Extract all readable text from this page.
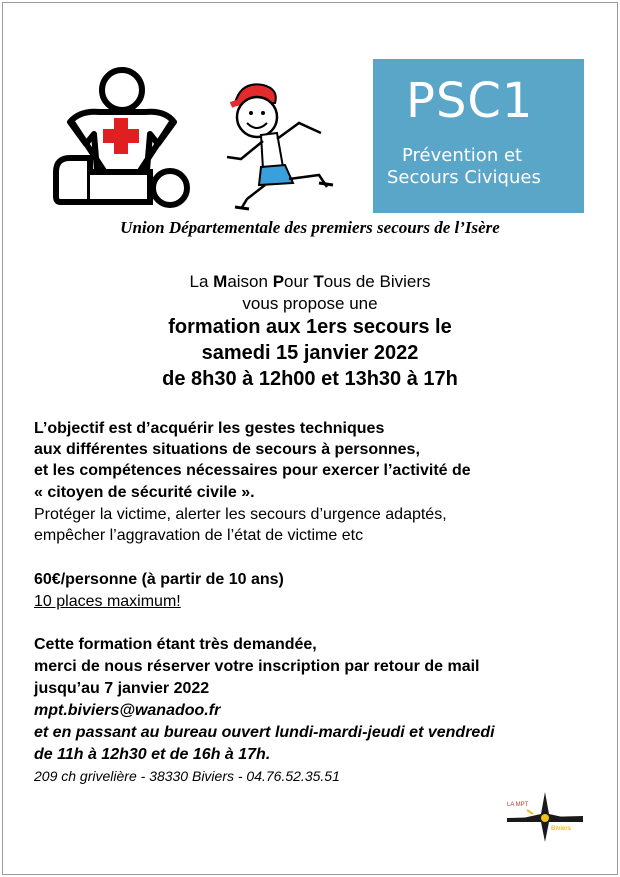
PSC1
Prévention et
Secours Civiques
Union Départementale des premiers secours de l’Isère
La Maison Pour Tous de Biviers
vous propose une
formation aux 1ers secours le
samedi 15 janvier 2022
de 8h30 à 12h00 et 13h30 à 17h
L’objectif est d’acquérir les gestes techniques
aux différentes situations de secours à personnes,
et les compétences nécessaires pour exercer l’activité de
« citoyen de sécurité civile ».
Protéger la victime, alerter les secours d’urgence adaptés,
empêcher l’aggravation de l’état de victime etc
60€/personne (à partir de 10 ans)
10 places maximum!
Cette formation étant très demandée,
merci de nous réserver votre inscription par retour de mail
jusqu’au 7 janvier 2022
mpt.biviers@wanadoo.fr
et en passant au bureau ouvert lundi-mardi-jeudi et vendredi
de 11h à 12h30 et de 16h à 17h.
209 ch grivelière - 38330 Biviers - 04.76.52.35.51
LA MPT
Biviers
